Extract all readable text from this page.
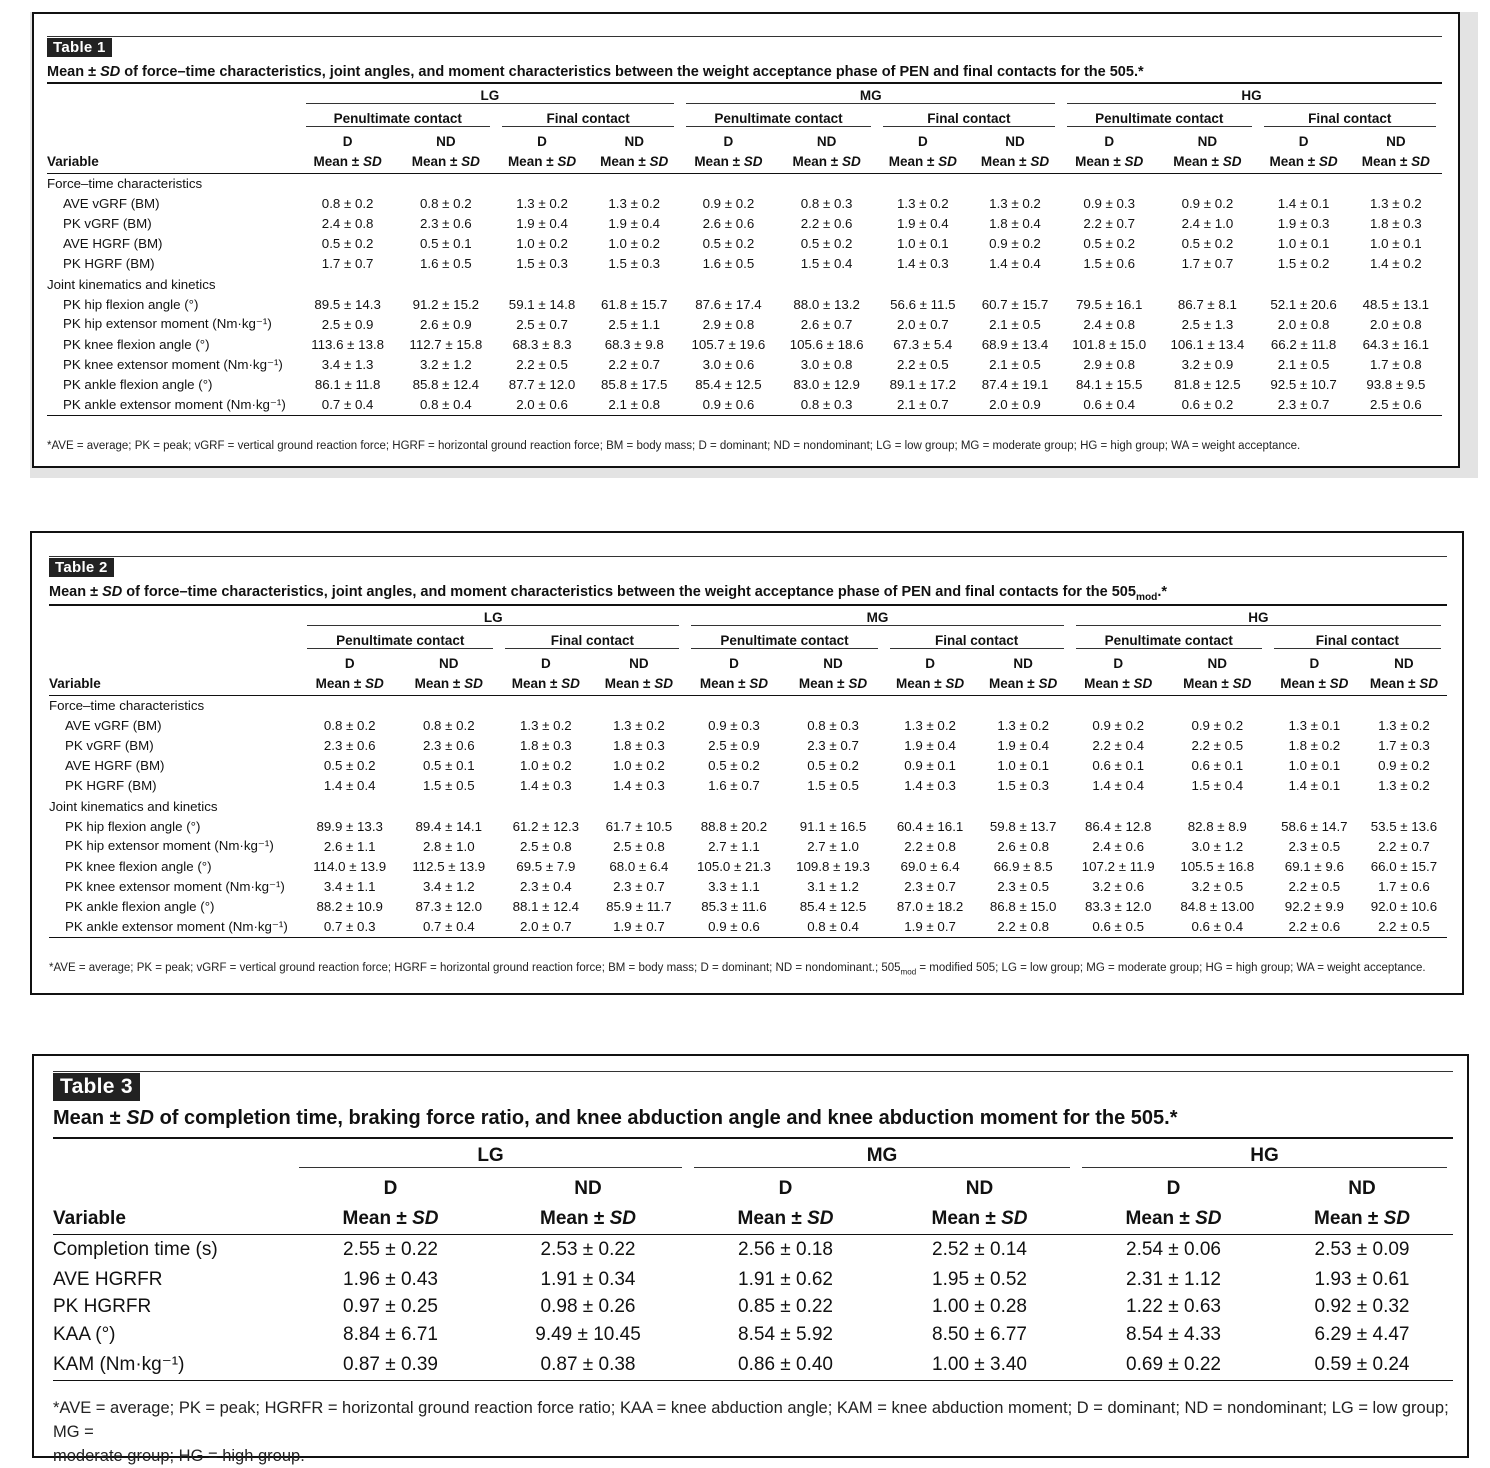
Table 1
Mean ± SD of force–time characteristics, joint angles, and moment characteristics between the weight acceptance phase of PEN and final contacts for the 505.*

	LG				MG				HG			

	Penultimate contact		Final contact		Penultimate contact		Final contact		Penultimate contact		Final contact	

	D	ND	D	ND	D	ND	D	ND	D	ND	D	ND
Variable	Mean ± SD	Mean ± SD	Mean ± SD	Mean ± SD	Mean ± SD	Mean ± SD	Mean ± SD	Mean ± SD	Mean ± SD	Mean ± SD	Mean ± SD	Mean ± SD
Force–time characteristics												
AVE vGRF (BM)	0.8 ± 0.2	0.8 ± 0.2	1.3 ± 0.2	1.3 ± 0.2	0.9 ± 0.2	0.8 ± 0.3	1.3 ± 0.2	1.3 ± 0.2	0.9 ± 0.3	0.9 ± 0.2	1.4 ± 0.1	1.3 ± 0.2
PK vGRF (BM)	2.4 ± 0.8	2.3 ± 0.6	1.9 ± 0.4	1.9 ± 0.4	2.6 ± 0.6	2.2 ± 0.6	1.9 ± 0.4	1.8 ± 0.4	2.2 ± 0.7	2.4 ± 1.0	1.9 ± 0.3	1.8 ± 0.3
AVE HGRF (BM)	0.5 ± 0.2	0.5 ± 0.1	1.0 ± 0.2	1.0 ± 0.2	0.5 ± 0.2	0.5 ± 0.2	1.0 ± 0.1	0.9 ± 0.2	0.5 ± 0.2	0.5 ± 0.2	1.0 ± 0.1	1.0 ± 0.1
PK HGRF (BM)	1.7 ± 0.7	1.6 ± 0.5	1.5 ± 0.3	1.5 ± 0.3	1.6 ± 0.5	1.5 ± 0.4	1.4 ± 0.3	1.4 ± 0.4	1.5 ± 0.6	1.7 ± 0.7	1.5 ± 0.2	1.4 ± 0.2
Joint kinematics and kinetics												
PK hip flexion angle (°)	89.5 ± 14.3	91.2 ± 15.2	59.1 ± 14.8	61.8 ± 15.7	87.6 ± 17.4	88.0 ± 13.2	56.6 ± 11.5	60.7 ± 15.7	79.5 ± 16.1	86.7 ± 8.1	52.1 ± 20.6	48.5 ± 13.1
PK hip extensor moment (Nm·kg⁻¹)	2.5 ± 0.9	2.6 ± 0.9	2.5 ± 0.7	2.5 ± 1.1	2.9 ± 0.8	2.6 ± 0.7	2.0 ± 0.7	2.1 ± 0.5	2.4 ± 0.8	2.5 ± 1.3	2.0 ± 0.8	2.0 ± 0.8
PK knee flexion angle (°)	113.6 ± 13.8	112.7 ± 15.8	68.3 ± 8.3	68.3 ± 9.8	105.7 ± 19.6	105.6 ± 18.6	67.3 ± 5.4	68.9 ± 13.4	101.8 ± 15.0	106.1 ± 13.4	66.2 ± 11.8	64.3 ± 16.1
PK knee extensor moment (Nm·kg⁻¹)	3.4 ± 1.3	3.2 ± 1.2	2.2 ± 0.5	2.2 ± 0.7	3.0 ± 0.6	3.0 ± 0.8	2.2 ± 0.5	2.1 ± 0.5	2.9 ± 0.8	3.2 ± 0.9	2.1 ± 0.5	1.7 ± 0.8
PK ankle flexion angle (°)	86.1 ± 11.8	85.8 ± 12.4	87.7 ± 12.0	85.8 ± 17.5	85.4 ± 12.5	83.0 ± 12.9	89.1 ± 17.2	87.4 ± 19.1	84.1 ± 15.5	81.8 ± 12.5	92.5 ± 10.7	93.8 ± 9.5
PK ankle extensor moment (Nm·kg⁻¹)	0.7 ± 0.4	0.8 ± 0.4	2.0 ± 0.6	2.1 ± 0.8	0.9 ± 0.6	0.8 ± 0.3	2.1 ± 0.7	2.0 ± 0.9	0.6 ± 0.4	0.6 ± 0.2	2.3 ± 0.7	2.5 ± 0.6
*AVE = average; PK = peak; vGRF = vertical ground reaction force; HGRF = horizontal ground reaction force; BM = body mass; D = dominant; ND = nondominant; LG = low group; MG = moderate group; HG = high group; WA = weight acceptance.
Table 2
Mean ± SD of force–time characteristics, joint angles, and moment characteristics between the weight acceptance phase of PEN and final contacts for the $505_{mod}.*$

	LG				MG				HG			

	Penultimate contact		Final contact		Penultimate contact		Final contact		Penultimate contact		Final contact	

	D	ND	D	ND	D	ND	D	ND	D	ND	D	ND
Variable	Mean ± SD	Mean ± SD	Mean ± SD	Mean ± SD	Mean ± SD	Mean ± SD	Mean ± SD	Mean ± SD	Mean ± SD	Mean ± SD	Mean ± SD	Mean ± SD
Force–time characteristics												
AVE vGRF (BM)	0.8 ± 0.2	0.8 ± 0.2	1.3 ± 0.2	1.3 ± 0.2	0.9 ± 0.3	0.8 ± 0.3	1.3 ± 0.2	1.3 ± 0.2	0.9 ± 0.2	0.9 ± 0.2	1.3 ± 0.1	1.3 ± 0.2
PK vGRF (BM)	2.3 ± 0.6	2.3 ± 0.6	1.8 ± 0.3	1.8 ± 0.3	2.5 ± 0.9	2.3 ± 0.7	1.9 ± 0.4	1.9 ± 0.4	2.2 ± 0.4	2.2 ± 0.5	1.8 ± 0.2	1.7 ± 0.3
AVE HGRF (BM)	0.5 ± 0.2	0.5 ± 0.1	1.0 ± 0.2	1.0 ± 0.2	0.5 ± 0.2	0.5 ± 0.2	0.9 ± 0.1	1.0 ± 0.1	0.6 ± 0.1	0.6 ± 0.1	1.0 ± 0.1	0.9 ± 0.2
PK HGRF (BM)	1.4 ± 0.4	1.5 ± 0.5	1.4 ± 0.3	1.4 ± 0.3	1.6 ± 0.7	1.5 ± 0.5	1.4 ± 0.3	1.5 ± 0.3	1.4 ± 0.4	1.5 ± 0.4	1.4 ± 0.1	1.3 ± 0.2
Joint kinematics and kinetics												
PK hip flexion angle (°)	89.9 ± 13.3	89.4 ± 14.1	61.2 ± 12.3	61.7 ± 10.5	88.8 ± 20.2	91.1 ± 16.5	60.4 ± 16.1	59.8 ± 13.7	86.4 ± 12.8	82.8 ± 8.9	58.6 ± 14.7	53.5 ± 13.6
PK hip extensor moment (Nm·kg⁻¹)	2.6 ± 1.1	2.8 ± 1.0	2.5 ± 0.8	2.5 ± 0.8	2.7 ± 1.1	2.7 ± 1.0	2.2 ± 0.8	2.6 ± 0.8	2.4 ± 0.6	3.0 ± 1.2	2.3 ± 0.5	2.2 ± 0.7
PK knee flexion angle (°)	114.0 ± 13.9	112.5 ± 13.9	69.5 ± 7.9	68.0 ± 6.4	105.0 ± 21.3	109.8 ± 19.3	69.0 ± 6.4	66.9 ± 8.5	107.2 ± 11.9	105.5 ± 16.8	69.1 ± 9.6	66.0 ± 15.7
PK knee extensor moment (Nm·kg⁻¹)	3.4 ± 1.1	3.4 ± 1.2	2.3 ± 0.4	2.3 ± 0.7	3.3 ± 1.1	3.1 ± 1.2	2.3 ± 0.7	2.3 ± 0.5	3.2 ± 0.6	3.2 ± 0.5	2.2 ± 0.5	1.7 ± 0.6
PK ankle flexion angle (°)	88.2 ± 10.9	87.3 ± 12.0	88.1 ± 12.4	85.9 ± 11.7	85.3 ± 11.6	85.4 ± 12.5	87.0 ± 18.2	86.8 ± 15.0	83.3 ± 12.0	84.8 ± 13.00	92.2 ± 9.9	92.0 ± 10.6
PK ankle extensor moment (Nm·kg⁻¹)	0.7 ± 0.3	0.7 ± 0.4	2.0 ± 0.7	1.9 ± 0.7	0.9 ± 0.6	0.8 ± 0.4	1.9 ± 0.7	2.2 ± 0.8	0.6 ± 0.5	0.6 ± 0.4	2.2 ± 0.6	2.2 ± 0.5
*AVE = average; PK = peak; vGRF = vertical ground reaction force; HGRF = horizontal ground reaction force; BM = body mass; D = dominant; ND = nondominant.; $505_{mod}$ = modified 505; LG = low group; MG = moderate group; HG = high group; WA = weight acceptance.
Table 3
Mean ± SD of completion time, braking force ratio, and knee abduction angle and knee abduction moment for the 505.*

	LG		MG		HG	

	D	ND	D	ND	D	ND
Variable	Mean ± SD	Mean ± SD	Mean ± SD	Mean ± SD	Mean ± SD	Mean ± SD
Completion time (s)	2.55 ± 0.22	2.53 ± 0.22	2.56 ± 0.18	2.52 ± 0.14	2.54 ± 0.06	2.53 ± 0.09
AVE HGRFR	1.96 ± 0.43	1.91 ± 0.34	1.91 ± 0.62	1.95 ± 0.52	2.31 ± 1.12	1.93 ± 0.61
PK HGRFR	0.97 ± 0.25	0.98 ± 0.26	0.85 ± 0.22	1.00 ± 0.28	1.22 ± 0.63	0.92 ± 0.32
KAA (°)	8.84 ± 6.71	9.49 ± 10.45	8.54 ± 5.92	8.50 ± 6.77	8.54 ± 4.33	6.29 ± 4.47
KAM (Nm·kg⁻¹)	0.87 ± 0.39	0.87 ± 0.38	0.86 ± 0.40	1.00 ± 3.40	0.69 ± 0.22	0.59 ± 0.24
*AVE = average; PK = peak; HGRFR = horizontal ground reaction force ratio; KAA = knee abduction angle; KAM = knee abduction moment; D = dominant; ND = nondominant; LG = low group; MG =
moderate group; HG = high group.
